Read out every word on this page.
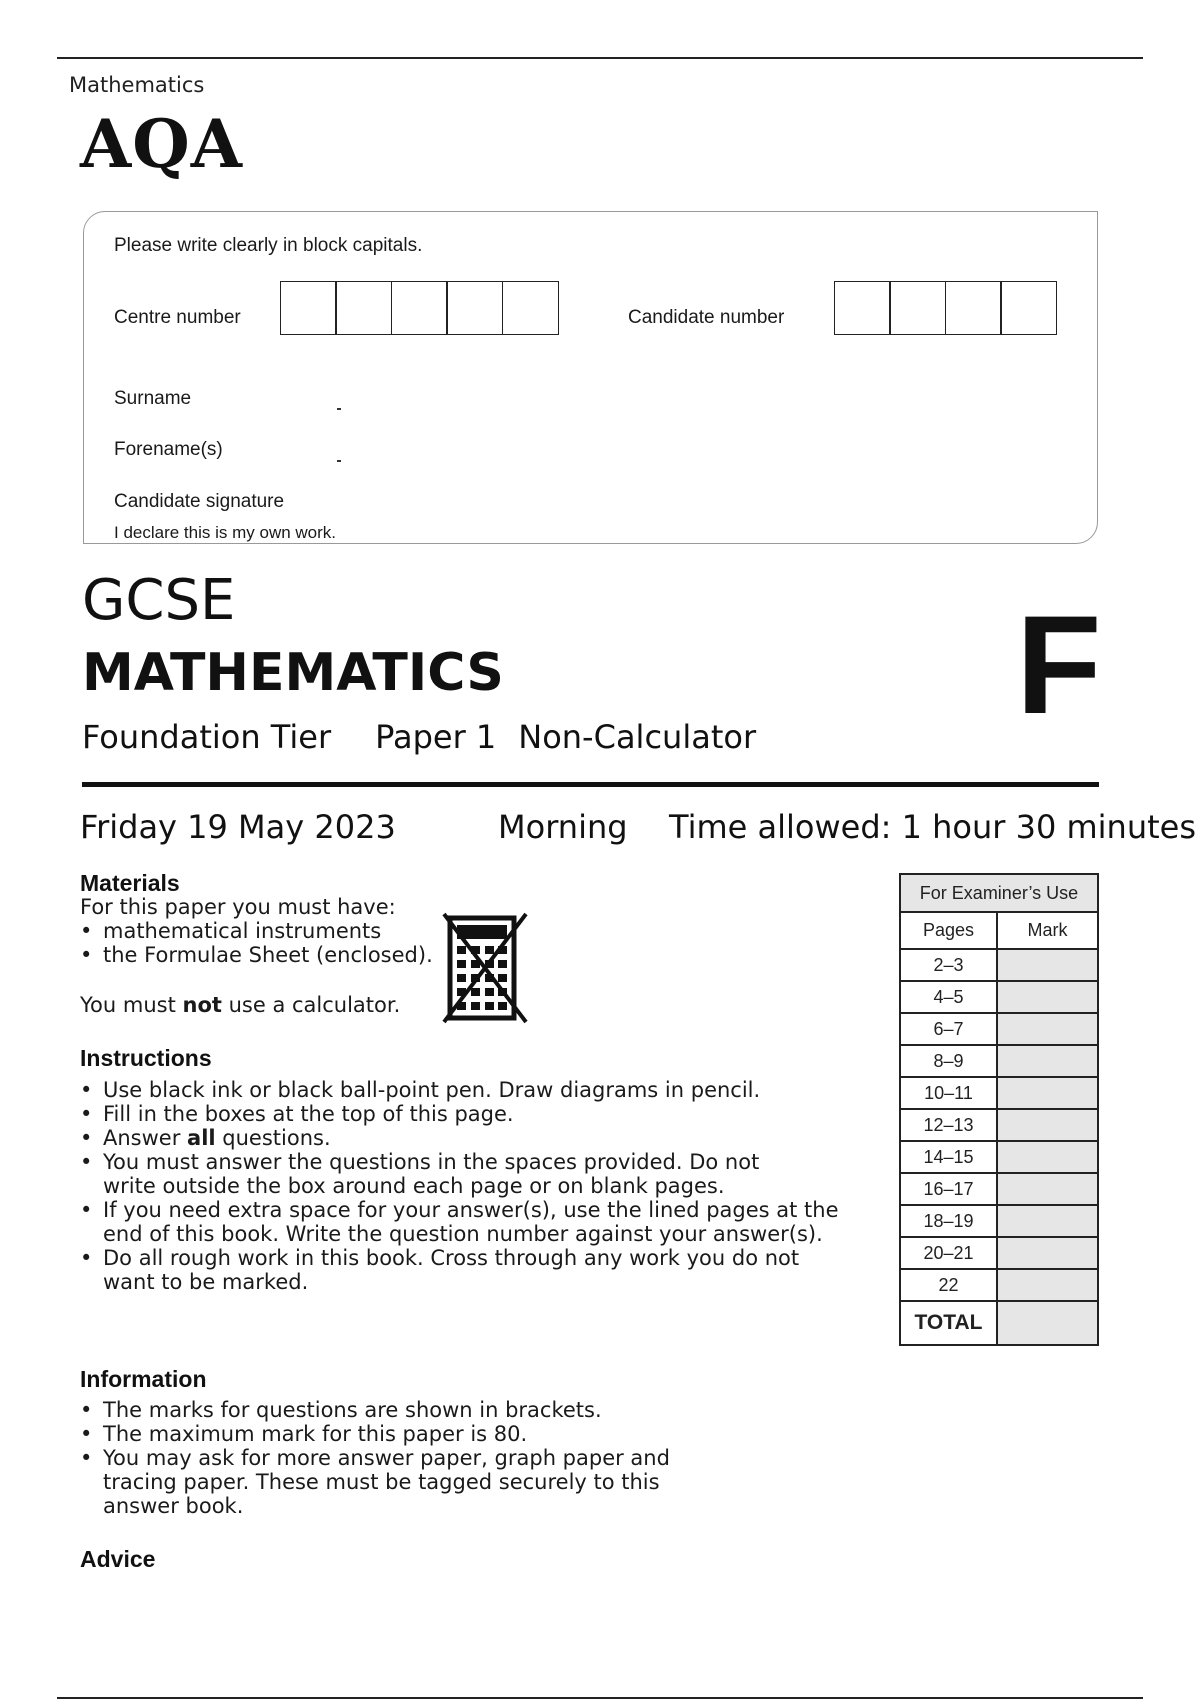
Mathematics
AQA
Please write clearly in block capitals.
Centre number	Candidate number
Surname
Forename(s)
Candidate signature
I declare this is my own work.
GCSE
MATHEMATICS
Foundation Tier Paper 1 Non-Calculator F
Friday 19 May 2023	Morning Time allowed: 1 hour 30 minutes
Materials
For this paper you must have:
• mathematical instruments
• the Formulae Sheet (enclosed).
You must not use a calculator.
Instructions
• Use black ink or black ball-point pen. Draw diagrams in pencil.
• Fill in the boxes at the top of this page.
• Answer all questions.
• You must answer the questions in the spaces provided. Do not write outside the box around each page or on blank pages.
• If you need extra space for your answer(s), use the lined pages at the end of this book. Write the question number against your answer(s).
• Do all rough work in this book. Cross through any work you do not want to be marked.
Information
• The marks for questions are shown in brackets.
• The maximum mark for this paper is 80.
• You may ask for more answer paper, graph paper and tracing paper. These must be tagged securely to this answer book.
Advice
For Examiner’s Use	
Pages	Mark
2–3	
4–5	
6–7	
8–9	
10–11	
12–13	
14–15	
16–17	
18–19	
20–21	
22	
TOTAL	
